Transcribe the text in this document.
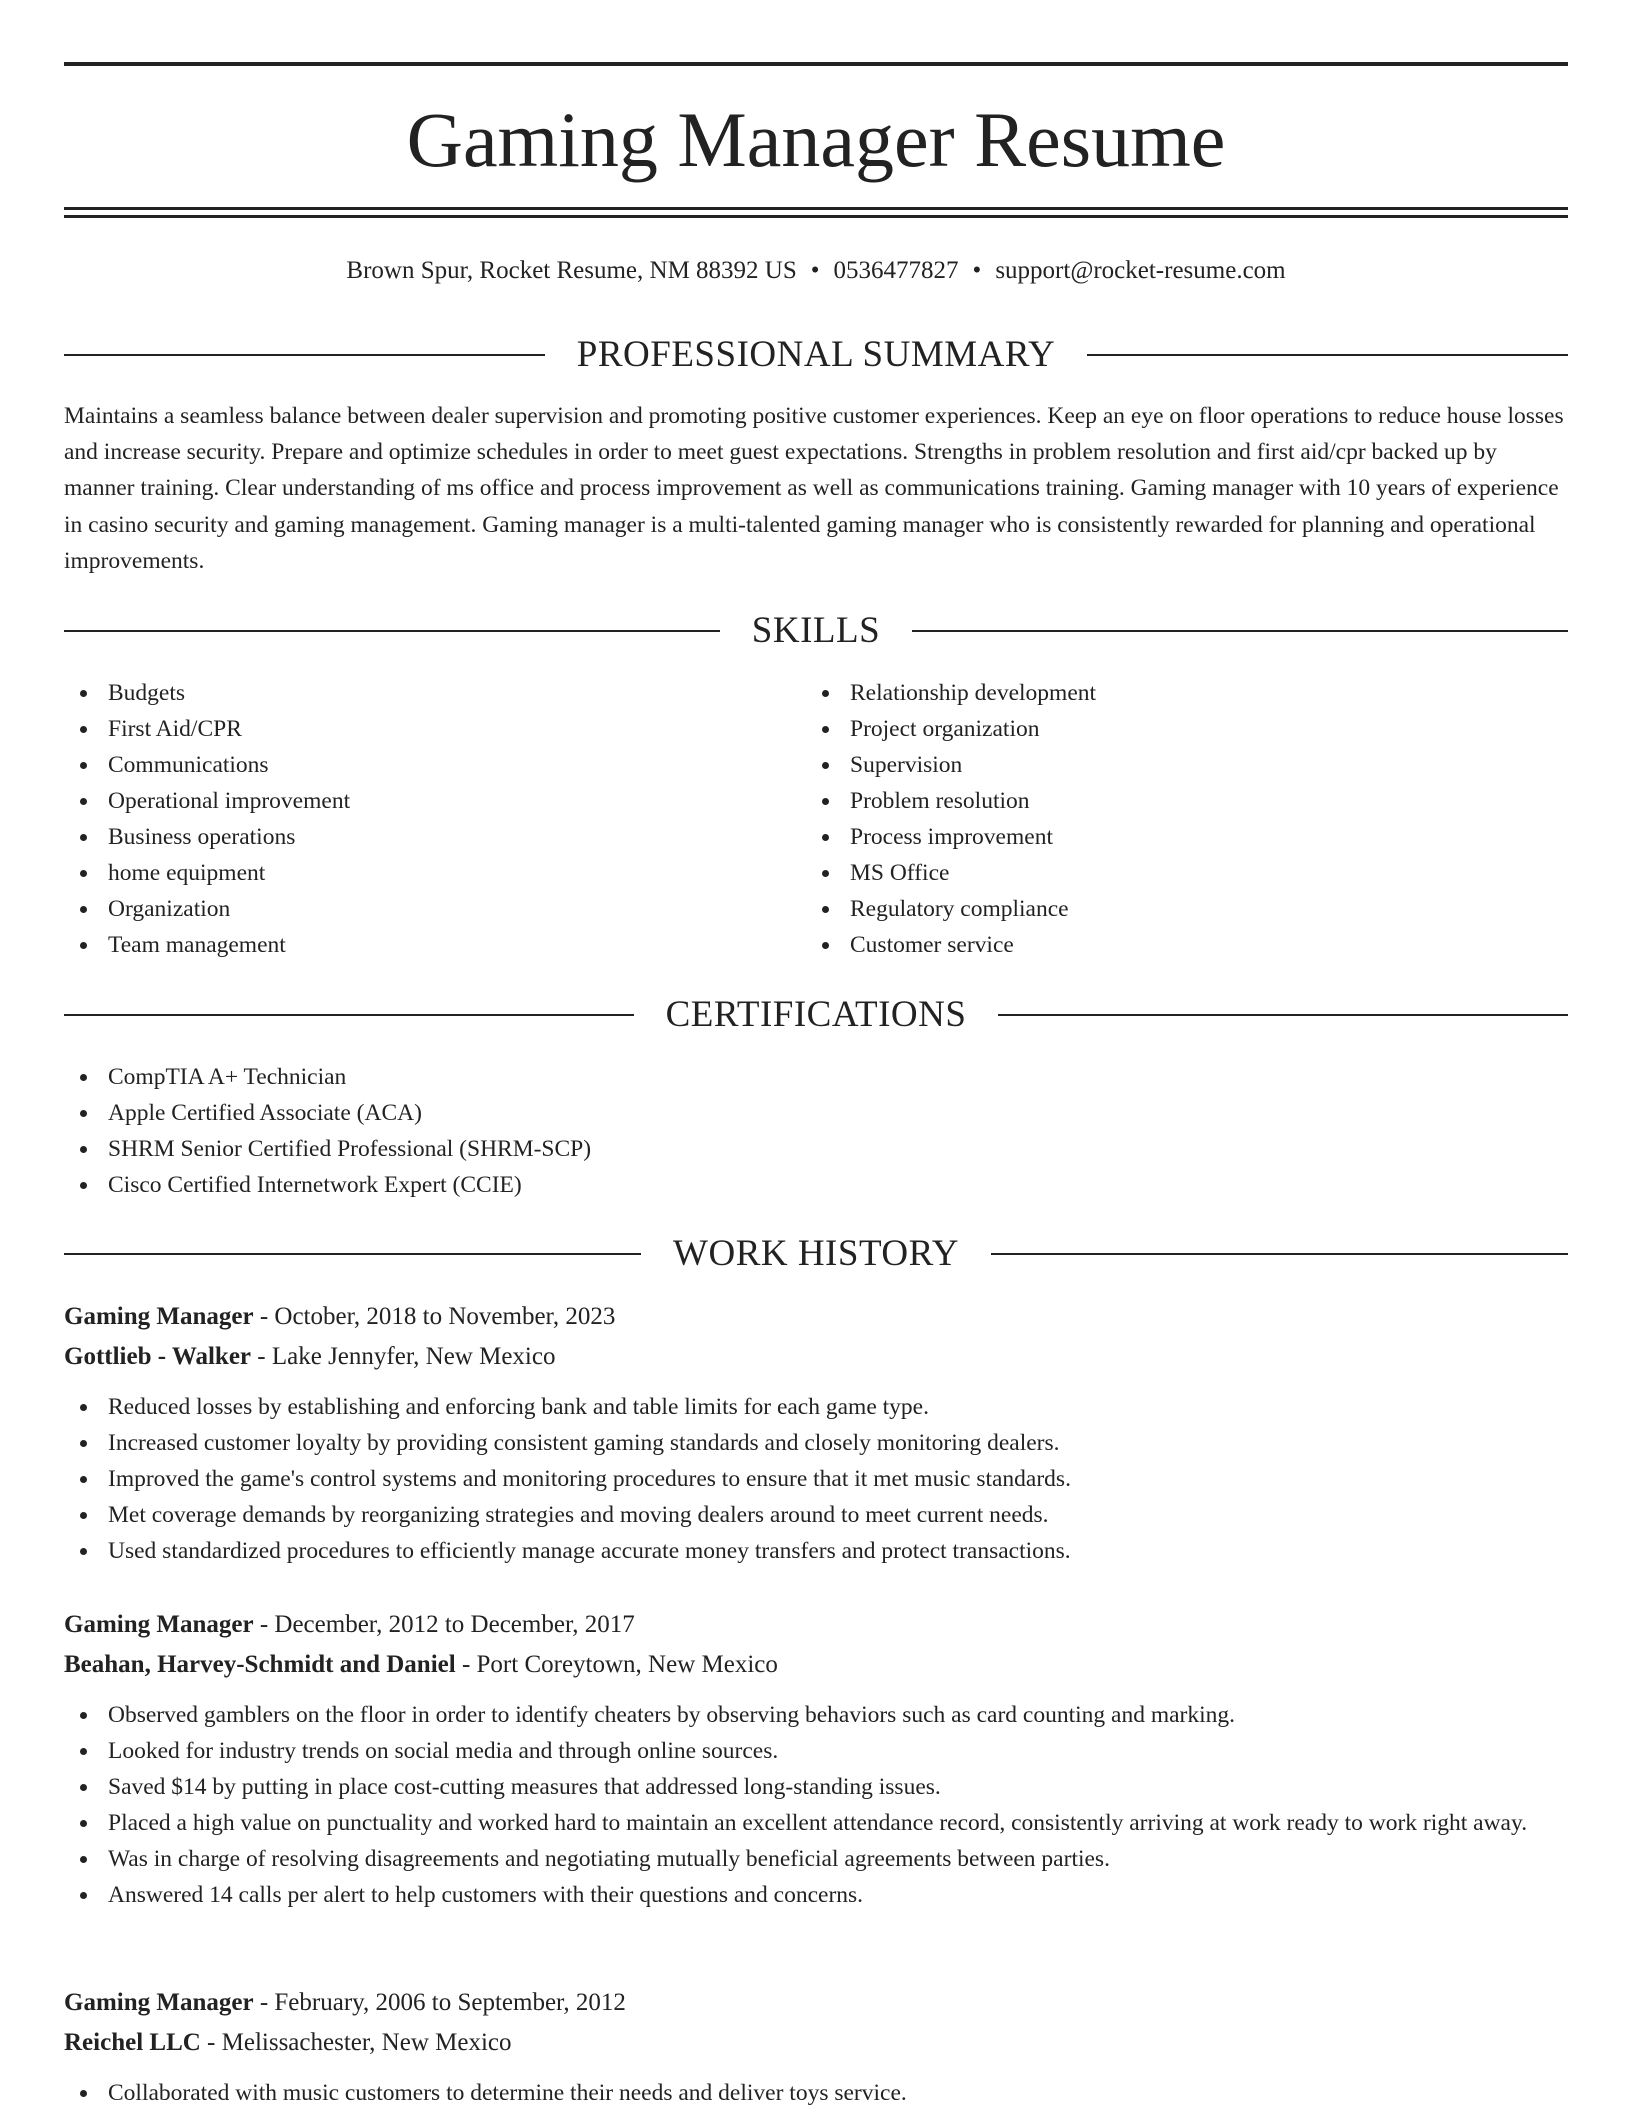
Gaming Manager Resume
Brown Spur, Rocket Resume, NM 88392 US • 0536477827 • support@rocket-resume.com
PROFESSIONAL SUMMARY

Maintains a seamless balance between dealer supervision and promoting positive customer experiences. Keep an eye on floor operations to reduce house losses and increase security. Prepare and optimize schedules in order to meet guest expectations. Strengths in problem resolution and first aid/cpr backed up by manner training. Clear understanding of ms office and process improvement as well as communications training. Gaming manager with 10 years of experience in casino security and gaming management. Gaming manager is a multi-talented gaming manager who is consistently rewarded for planning and operational improvements.

SKILLS
Budgets
First Aid/CPR
Communications
Operational improvement
Business operations
home equipment
Organization
Team management
Relationship development
Project organization
Supervision
Problem resolution
Process improvement
MS Office
Regulatory compliance
Customer service
CERTIFICATIONS
CompTIA A+ Technician
Apple Certified Associate (ACA)
SHRM Senior Certified Professional (SHRM-SCP)
Cisco Certified Internetwork Expert (CCIE)
WORK HISTORY
Gaming Manager - October, 2018 to November, 2023
Gottlieb - Walker - Lake Jennyfer, New Mexico
Reduced losses by establishing and enforcing bank and table limits for each game type.
Increased customer loyalty by providing consistent gaming standards and closely monitoring dealers.
Improved the game's control systems and monitoring procedures to ensure that it met music standards.
Met coverage demands by reorganizing strategies and moving dealers around to meet current needs.
Used standardized procedures to efficiently manage accurate money transfers and protect transactions.
Gaming Manager - December, 2012 to December, 2017
Beahan, Harvey-Schmidt and Daniel - Port Coreytown, New Mexico
Observed gamblers on the floor in order to identify cheaters by observing behaviors such as card counting and marking.
Looked for industry trends on social media and through online sources.
Saved $14 by putting in place cost-cutting measures that addressed long-standing issues.
Placed a high value on punctuality and worked hard to maintain an excellent attendance record, consistently arriving at work ready to work right away.
Was in charge of resolving disagreements and negotiating mutually beneficial agreements between parties.
Answered 14 calls per alert to help customers with their questions and concerns.
Gaming Manager - February, 2006 to September, 2012
Reichel LLC - Melissachester, New Mexico
Collaborated with music customers to determine their needs and deliver toys service.
